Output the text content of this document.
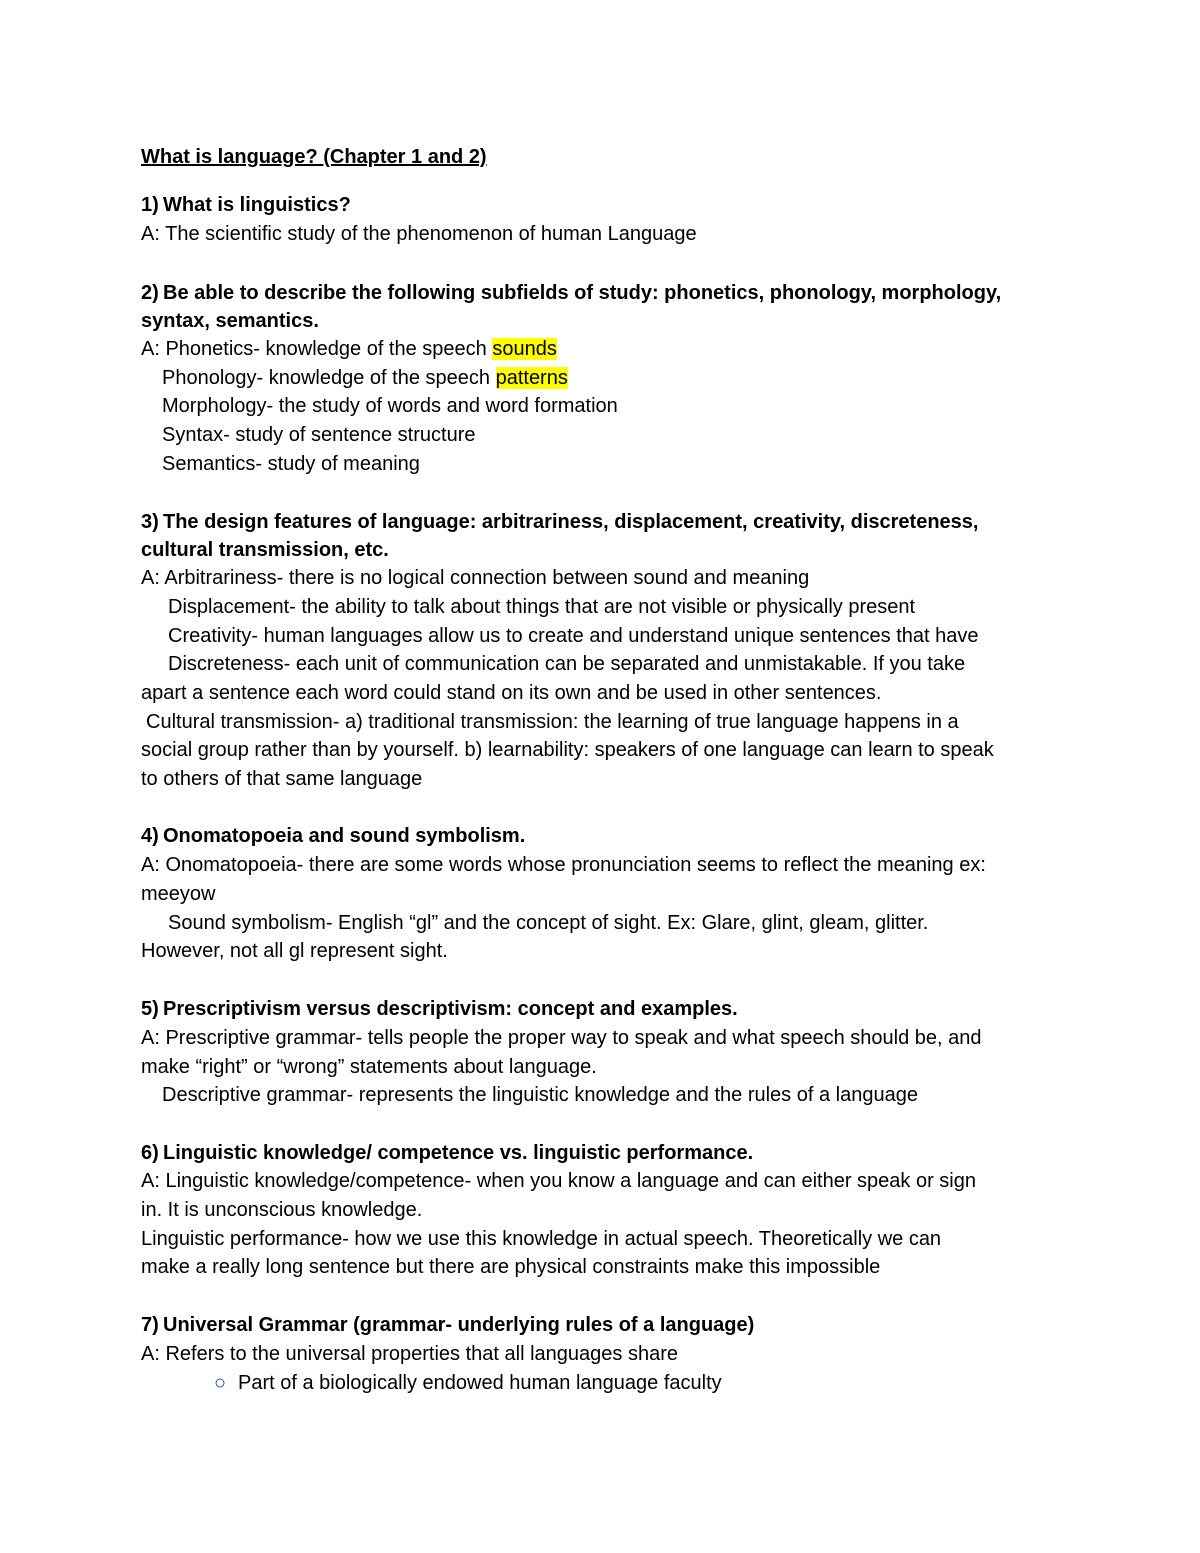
What is language? (Chapter 1 and 2)
1) What is linguistics?
A: The scientific study of the phenomenon of human Language
2) Be able to describe the following subfields of study: phonetics, phonology, morphology,
syntax, semantics.
A: Phonetics- knowledge of the speech sounds
Phonology- knowledge of the speech patterns
Morphology- the study of words and word formation
Syntax- study of sentence structure
Semantics- study of meaning
3) The design features of language: arbitrariness, displacement, creativity, discreteness,
cultural transmission, etc.
A: Arbitrariness- there is no logical connection between sound and meaning
Displacement- the ability to talk about things that are not visible or physically present
Creativity- human languages allow us to create and understand unique sentences that have
Discreteness- each unit of communication can be separated and unmistakable. If you take
apart a sentence each word could stand on its own and be used in other sentences.
Cultural transmission- a) traditional transmission: the learning of true language happens in a
social group rather than by yourself. b) learnability: speakers of one language can learn to speak
to others of that same language
4) Onomatopoeia and sound symbolism.
A: Onomatopoeia- there are some words whose pronunciation seems to reflect the meaning ex:
meeyow
Sound symbolism- English “gl” and the concept of sight. Ex: Glare, glint, gleam, glitter.
However, not all gl represent sight.
5) Prescriptivism versus descriptivism: concept and examples.
A: Prescriptive grammar- tells people the proper way to speak and what speech should be, and
make “right” or “wrong” statements about language.
Descriptive grammar- represents the linguistic knowledge and the rules of a language
6) Linguistic knowledge/ competence vs. linguistic performance.
A: Linguistic knowledge/competence- when you know a language and can either speak or sign
in. It is unconscious knowledge.
Linguistic performance- how we use this knowledge in actual speech. Theoretically we can
make a really long sentence but there are physical constraints make this impossible
7) Universal Grammar (grammar- underlying rules of a language)
A: Refers to the universal properties that all languages share
○ Part of a biologically endowed human language faculty
